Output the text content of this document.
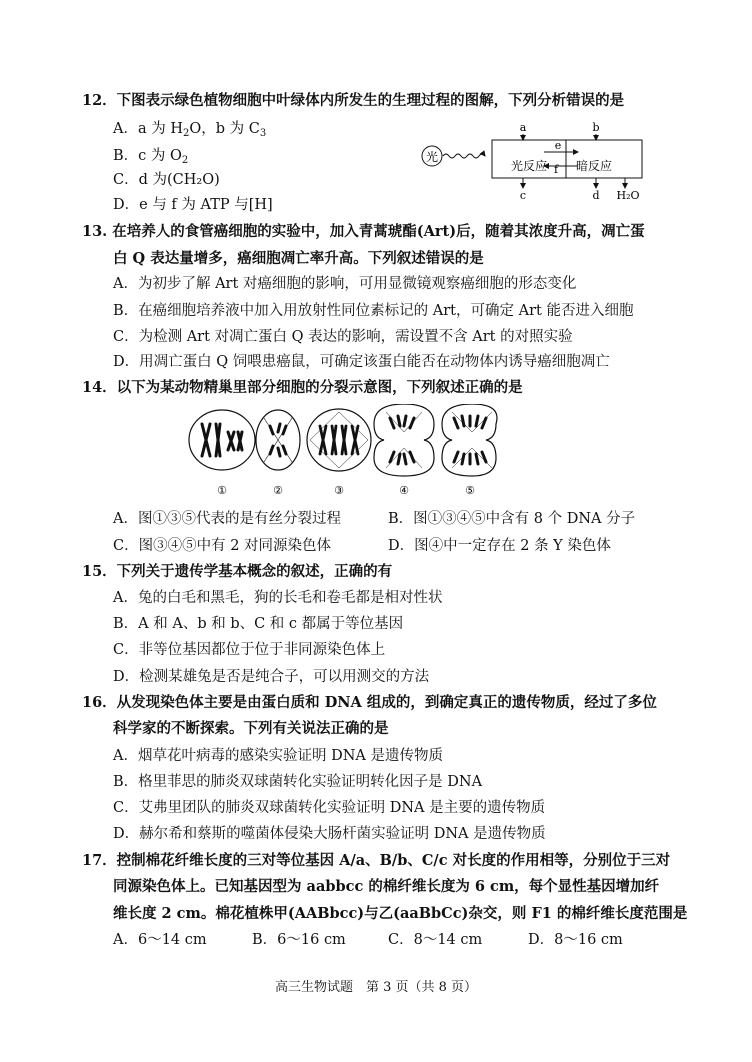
12．下图表示绿色植物细胞中叶绿体内所发生的生理过程的图解，下列分析错误的是
A．a 为 $H_2O$，b 为 $C_3$
B．c 为 $O_2$
C．d 为(CH₂O)
D．e 与 f 为 ATP 与[H]
光
光反应 暗反应
a	b
c	d H₂O
e
f
13. 在培养人的食管癌细胞的实验中，加入青蒿琥酯(Art)后，随着其浓度升高，凋亡蛋
白 Q 表达量增多，癌细胞凋亡率升高。下列叙述错误的是
A．为初步了解 Art 对癌细胞的影响，可用显微镜观察癌细胞的形态变化
B．在癌细胞培养液中加入用放射性同位素标记的 Art，可确定 Art 能否进入细胞
C．为检测 Art 对凋亡蛋白 Q 表达的影响，需设置不含 Art 的对照实验
D．用凋亡蛋白 Q 饲喂患癌鼠，可确定该蛋白能否在动物体内诱导癌细胞凋亡
14．以下为某动物精巢里部分细胞的分裂示意图，下列叙述正确的是
①	②	③	④	⑤
A．图①③⑤代表的是有丝分裂过程	B．图①③④⑤中含有 8 个 DNA 分子
C．图③④⑤中有 2 对同源染色体	D．图④中一定存在 2 条 Y 染色体
15．下列关于遗传学基本概念的叙述，正确的有
A．兔的白毛和黑毛，狗的长毛和卷毛都是相对性状
B．A 和 A、b 和 b、C 和 c 都属于等位基因
C．非等位基因都位于位于非同源染色体上
D．检测某雄兔是否是纯合子，可以用测交的方法
16．从发现染色体主要是由蛋白质和 DNA 组成的，到确定真正的遗传物质，经过了多位
科学家的不断探索。下列有关说法正确的是
A．烟草花叶病毒的感染实验证明 DNA 是遗传物质
B．格里菲思的肺炎双球菌转化实验证明转化因子是 DNA
C．艾弗里团队的肺炎双球菌转化实验证明 DNA 是主要的遗传物质
D．赫尔希和蔡斯的噬菌体侵染大肠杆菌实验证明 DNA 是遗传物质
17．控制棉花纤维长度的三对等位基因 A/a、B/b、C/c 对长度的作用相等，分别位于三对
同源染色体上。已知基因型为 aabbcc 的棉纤维长度为 6 cm，每个显性基因增加纤
维长度 2 cm。棉花植株甲(AABbcc)与乙(aaBbCc)杂交，则 F1 的棉纤维长度范围是
A．6～14 cm	B．6～16 cm	C．8～14 cm	D．8～16 cm
高三生物试题　第 3 页（共 8 页）
